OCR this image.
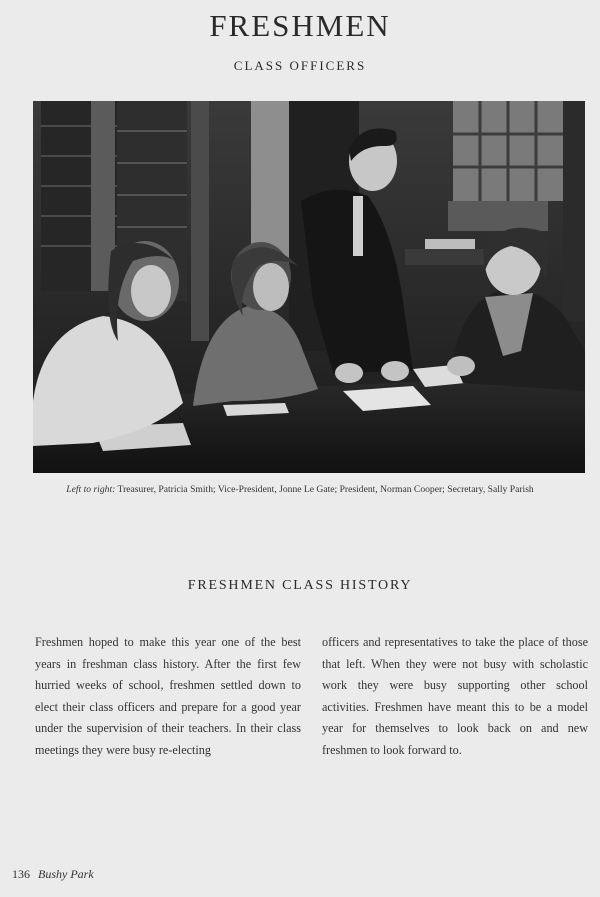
FRESHMEN
CLASS OFFICERS
Left to right: Treasurer, Patricia Smith; Vice-President, Jonne Le Gate; President, Norman Cooper; Secretary, Sally Parish
FRESHMEN CLASS HISTORY
Freshmen hoped to make this year one of the best years in freshman class history. After the first few hurried weeks of school, freshmen settled down to elect their class officers and prepare for a good year under the supervision of their teachers. In their class meetings they were busy re-electing
officers and representatives to take the place of those that left. When they were not busy with scholastic work they were busy supporting other school activities. Freshmen have meant this to be a model year for themselves to look back on and new freshmen to look forward to.
136 Bushy Park
